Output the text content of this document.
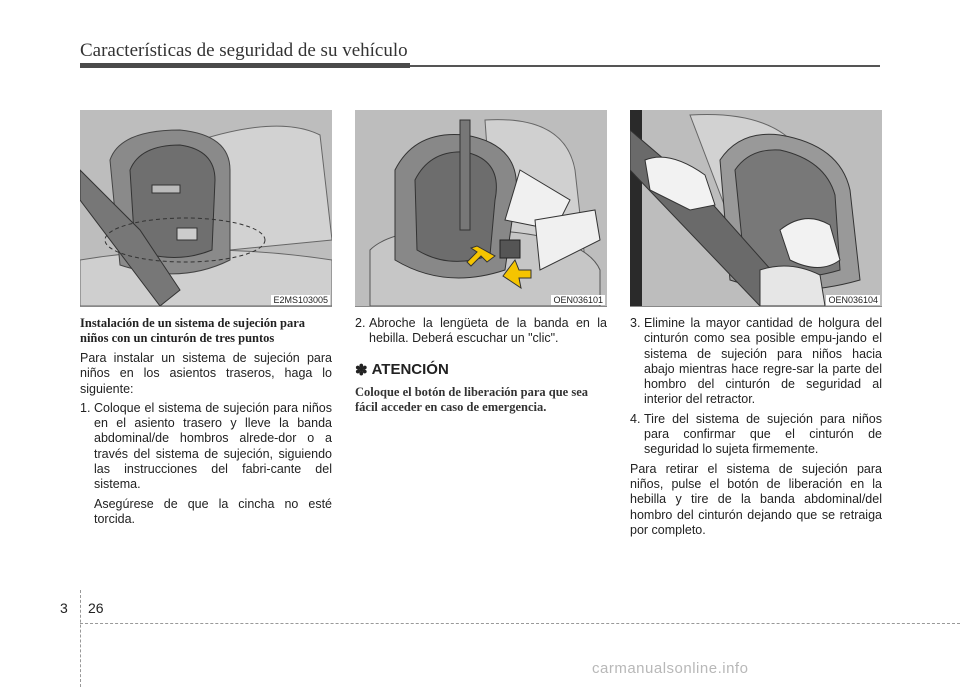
Características de seguridad de su vehículo
E2MS103005
Instalación de un sistema de sujeción para niños con un cinturón de tres puntos

Para instalar un sistema de sujeción para niños en los asientos traseros, haga lo siguiente:

1. Coloque el sistema de sujeción para niños en el asiento trasero y lleve la banda abdominal/de hombros alrede-dor o a través del sistema de sujeción, siguiendo las instrucciones del fabri-cante del sistema.

Asegúrese de que la cincha no esté torcida.

OEN036101
2. Abroche la lengüeta de la banda en la hebilla. Deberá escuchar un "clic".
✽ ATENCIÓN

Coloque el botón de liberación para que sea fácil acceder en caso de emergencia.

OEN036104
3. Elimine la mayor cantidad de holgura del cinturón como sea posible empu-jando el sistema de sujeción para niños hacia abajo mientras hace regre-sar la parte del hombro del cinturón de seguridad al interior del retractor.
4. Tire del sistema de sujeción para niños para confirmar que el cinturón de seguridad lo sujeta firmemente.

Para retirar el sistema de sujeción para niños, pulse el botón de liberación en la hebilla y tire de la banda abdominal/del hombro del cinturón dejando que se retraiga por completo.

3 26
carmanualsonline.info
